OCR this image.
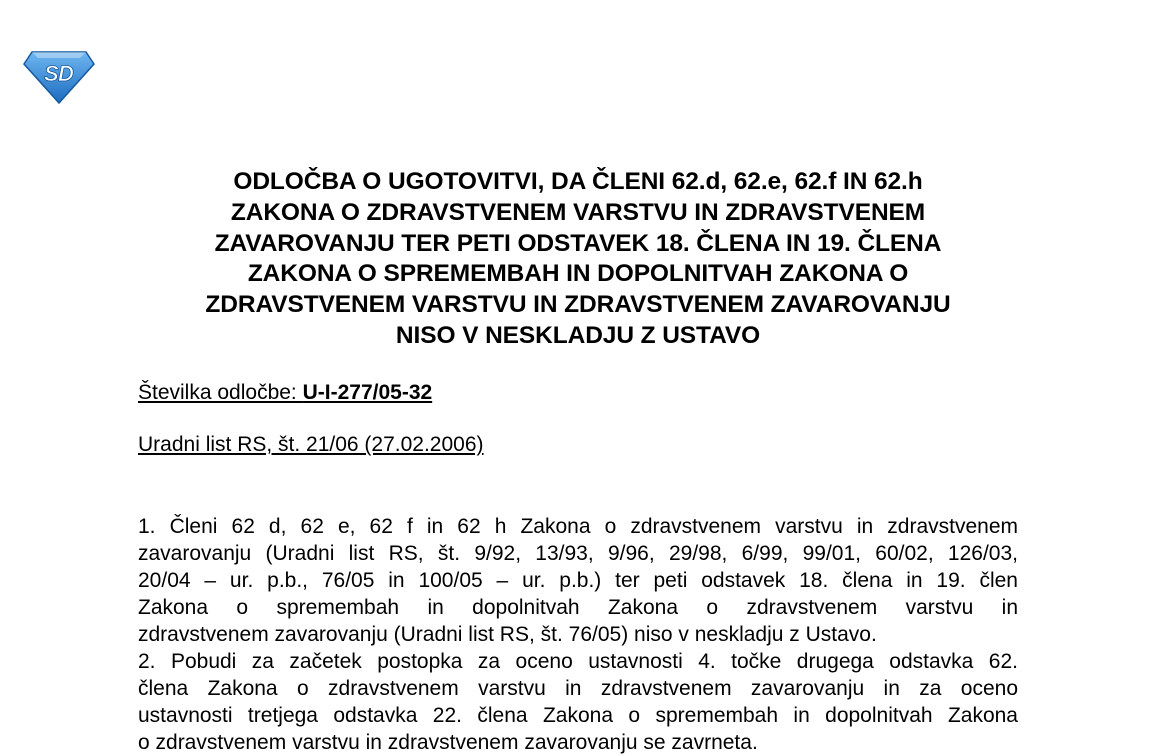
S D
ODLOČBA O UGOTOVITVI, DA ČLENI 62.d, 62.e, 62.f IN 62.h
ZAKONA O ZDRAVSTVENEM VARSTVU IN ZDRAVSTVENEM
ZAVAROVANJU TER PETI ODSTAVEK 18. ČLENA IN 19. ČLENA
ZAKONA O SPREMEMBAH IN DOPOLNITVAH ZAKONA O
ZDRAVSTVENEM VARSTVU IN ZDRAVSTVENEM ZAVAROVANJU
NISO V NESKLADJU Z USTAVO
Številka odločbe: U-I-277/05-32
Uradni list RS, št. 21/06 (27.02.2006)
1. Členi 62 d, 62 e, 62 f in 62 h Zakona o zdravstvenem varstvu in zdravstvenem
zavarovanju (Uradni list RS, št. 9/92, 13/93, 9/96, 29/98, 6/99, 99/01, 60/02, 126/03,
20/04 – ur. p.b., 76/05 in 100/05 – ur. p.b.) ter peti odstavek 18. člena in 19. člen
Zakona o spremembah in dopolnitvah Zakona o zdravstvenem varstvu in
zdravstvenem zavarovanju (Uradni list RS, št. 76/05) niso v neskladju z Ustavo.
2. Pobudi za začetek postopka za oceno ustavnosti 4. točke drugega odstavka 62.
člena Zakona o zdravstvenem varstvu in zdravstvenem zavarovanju in za oceno
ustavnosti tretjega odstavka 22. člena Zakona o spremembah in dopolnitvah Zakona
o zdravstvenem varstvu in zdravstvenem zavarovanju se zavrneta.
